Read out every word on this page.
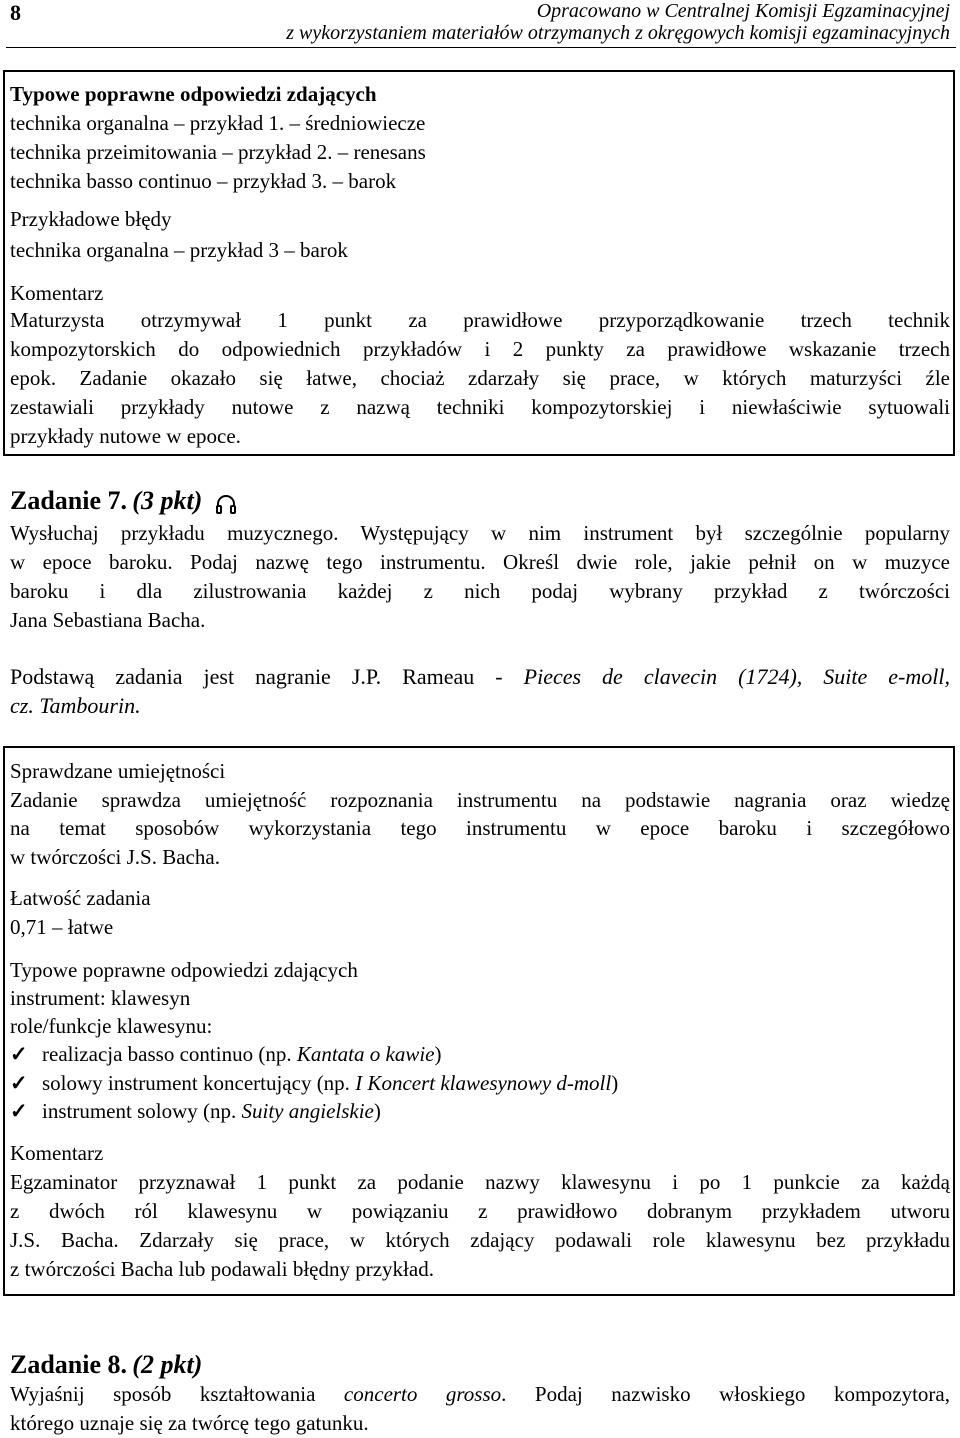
8	Opracowano w Centralnej Komisji Egzaminacyjnej
z wykorzystaniem materiałów otrzymanych z okręgowych komisji egzaminacyjnych
Typowe poprawne odpowiedzi zdających
technika organalna – przykład 1. – średniowiecze
technika przeimitowania – przykład 2. – renesans
technika basso continuo – przykład 3. – barok
Przykładowe błędy
technika organalna – przykład 3 – barok
Komentarz
Maturzysta otrzymywał 1 punkt za prawidłowe przyporządkowanie trzech technik
kompozytorskich do odpowiednich przykładów i 2 punkty za prawidłowe wskazanie trzech
epok. Zadanie okazało się łatwe, chociaż zdarzały się prace, w których maturzyści źle
zestawiali przykłady nutowe z nazwą techniki kompozytorskiej i niewłaściwie sytuowali
przykłady nutowe w epoce.
Zadanie 7. (3 pkt)
Wysłuchaj przykładu muzycznego. Występujący w nim instrument był szczególnie popularny
w epoce baroku. Podaj nazwę tego instrumentu. Określ dwie role, jakie pełnił on w muzyce
baroku i dla zilustrowania każdej z nich podaj wybrany przykład z twórczości
Jana Sebastiana Bacha.
Podstawą zadania jest nagranie J.P. Rameau - Pieces de clavecin (1724), Suite e-moll,
cz. Tambourin.
Sprawdzane umiejętności
Zadanie sprawdza umiejętność rozpoznania instrumentu na podstawie nagrania oraz wiedzę
na temat sposobów wykorzystania tego instrumentu w epoce baroku i szczegółowo
w twórczości J.S. Bacha.
Łatwość zadania
0,71 – łatwe
Typowe poprawne odpowiedzi zdających
instrument: klawesyn
role/funkcje klawesynu:
✓ realizacja basso continuo (np. Kantata o kawie)
✓ solowy instrument koncertujący (np. I Koncert klawesynowy d-moll)
✓ instrument solowy (np. Suity angielskie)
Komentarz
Egzaminator przyznawał 1 punkt za podanie nazwy klawesynu i po 1 punkcie za każdą
z dwóch ról klawesynu w powiązaniu z prawidłowo dobranym przykładem utworu
J.S. Bacha. Zdarzały się prace, w których zdający podawali role klawesynu bez przykładu
z twórczości Bacha lub podawali błędny przykład.
Zadanie 8. (2 pkt)
Wyjaśnij sposób kształtowania concerto grosso. Podaj nazwisko włoskiego kompozytora,
którego uznaje się za twórcę tego gatunku.
